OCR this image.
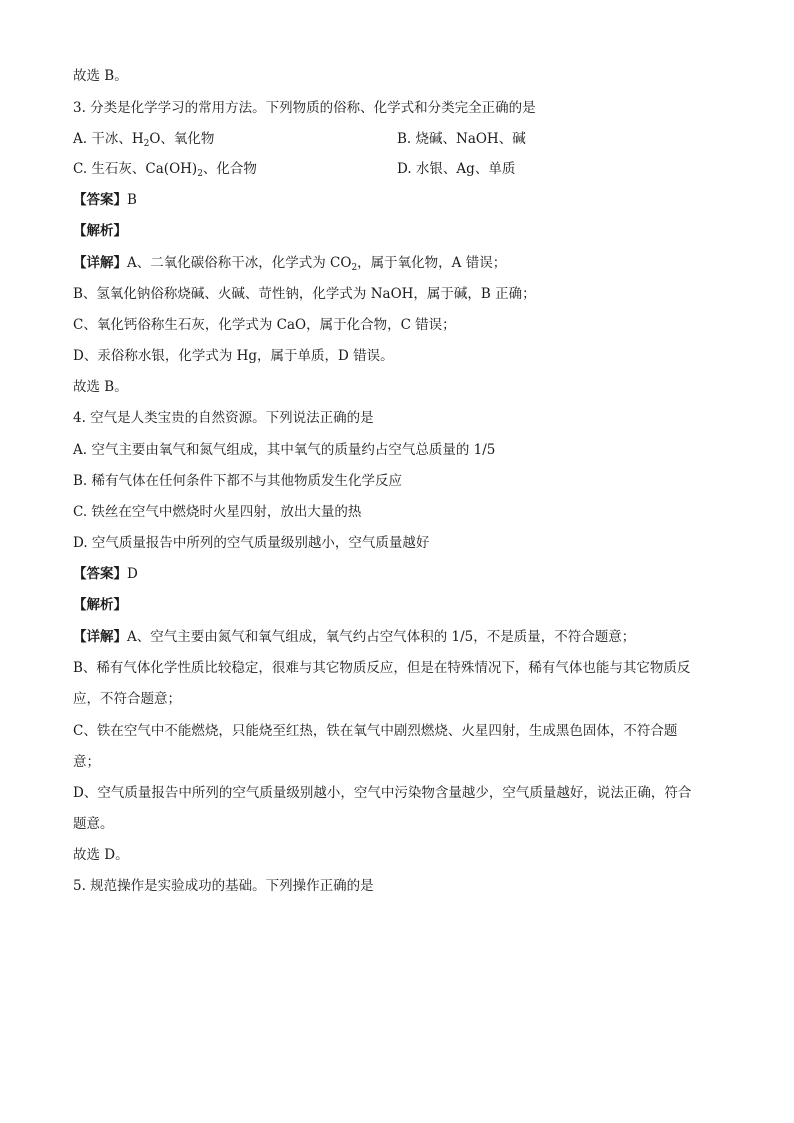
故选 B。
3. 分类是化学学习的常用方法。下列物质的俗称、化学式和分类完全正确的是
A. 干冰、$H_2O$、氧化物	B. 烧碱、NaOH、碱
C. 生石灰、$Ca(OH)_2$、化合物	D. 水银、Ag、单质
【答案】B
【解析】
【详解】A、二氧化碳俗称干冰，化学式为 $CO_2$，属于氧化物，A 错误；
B、氢氧化钠俗称烧碱、火碱、苛性钠，化学式为 NaOH，属于碱，B 正确；
C、氧化钙俗称生石灰，化学式为 CaO，属于化合物，C 错误；
D、汞俗称水银，化学式为 Hg，属于单质，D 错误。
故选 B。
4. 空气是人类宝贵的自然资源。下列说法正确的是
A. 空气主要由氧气和氮气组成，其中氧气的质量约占空气总质量的 1/5
B. 稀有气体在任何条件下都不与其他物质发生化学反应
C. 铁丝在空气中燃烧时火星四射，放出大量的热
D. 空气质量报告中所列的空气质量级别越小，空气质量越好
【答案】D
【解析】
【详解】A、空气主要由氮气和氧气组成，氧气约占空气体积的 1/5，不是质量，不符合题意；
B、稀有气体化学性质比较稳定，很难与其它物质反应，但是在特殊情况下，稀有气体也能与其它物质反
应，不符合题意；
C、铁在空气中不能燃烧，只能烧至红热，铁在氧气中剧烈燃烧、火星四射，生成黑色固体，不符合题
意；
D、空气质量报告中所列的空气质量级别越小，空气中污染物含量越少，空气质量越好，说法正确，符合
题意。
故选 D。
5. 规范操作是实验成功的基础。下列操作正确的是
